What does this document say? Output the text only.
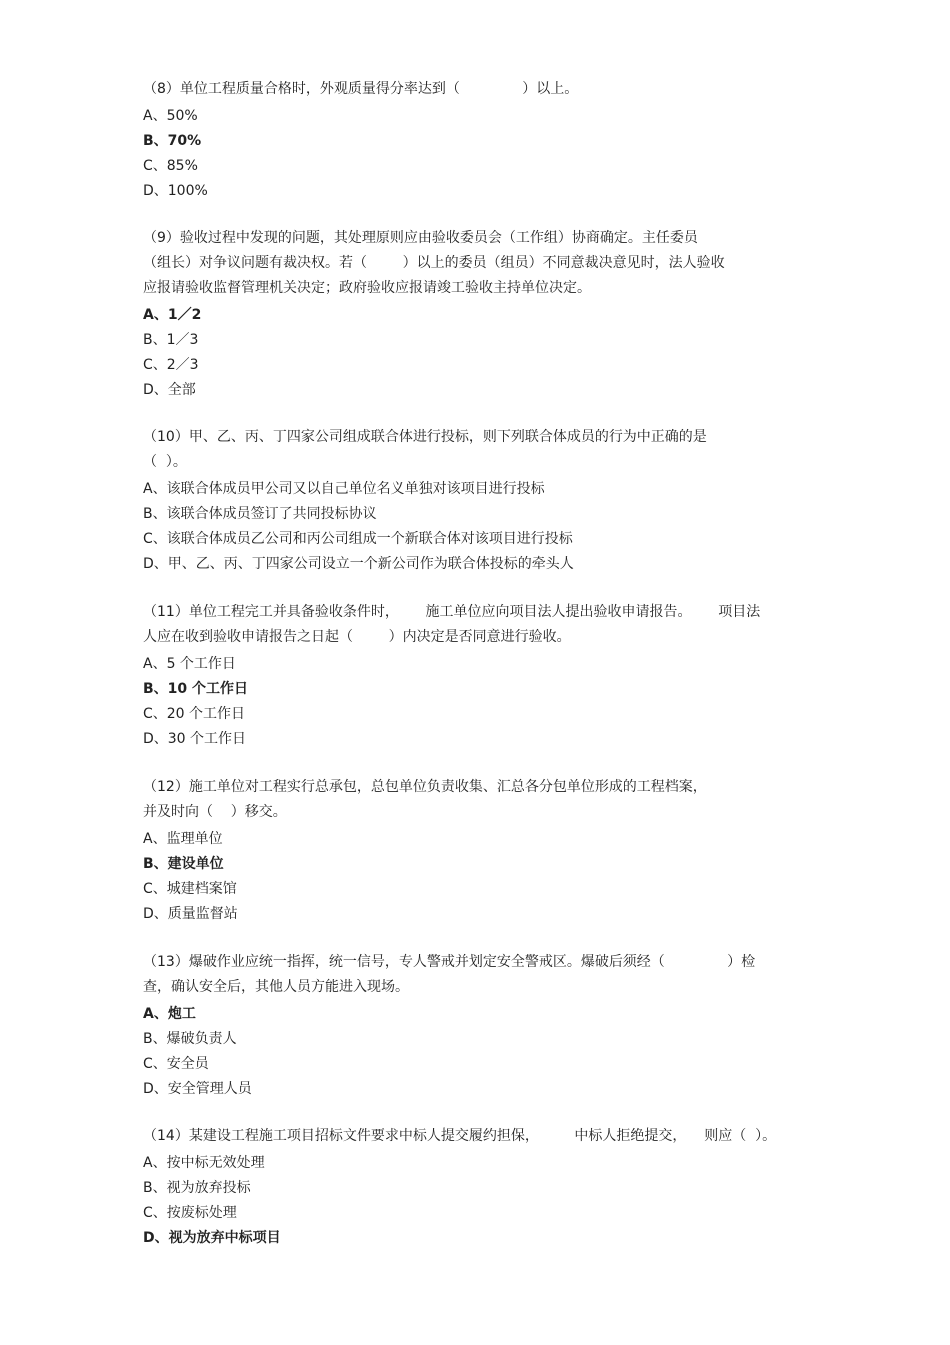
（8）单位工程质量合格时，外观质量得分率达到（              ）以上。
A、50%
B、70%
C、85%
D、100%
（9）验收过程中发现的问题，其处理原则应由验收委员会（工作组）协商确定。主任委员
（组长）对争议问题有裁决权。若（        ）以上的委员（组员）不同意裁决意见时，法人验收
应报请验收监督管理机关决定；政府验收应报请竣工验收主持单位决定。
A、1／2
B、1／3
C、2／3
D、全部
（10）甲、乙、丙、丁四家公司组成联合体进行投标，则下列联合体成员的行为中正确的是
（  ）。
A、该联合体成员甲公司又以自己单位名义单独对该项目进行投标
B、该联合体成员签订了共同投标协议
C、该联合体成员乙公司和丙公司组成一个新联合体对该项目进行投标
D、甲、乙、丙、丁四家公司设立一个新公司作为联合体投标的牵头人
（11）单位工程完工并具备验收条件时，      施工单位应向项目法人提出验收申请报告。      项目法
人应在收到验收申请报告之日起（        ）内决定是否同意进行验收。
A、5 个工作日
B、10 个工作日
C、20 个工作日
D、30 个工作日
（12）施工单位对工程实行总承包，总包单位负责收集、汇总各分包单位形成的工程档案，
并及时向（    ）移交。
A、监理单位
B、建设单位
C、城建档案馆
D、质量监督站
（13）爆破作业应统一指挥，统一信号，专人警戒并划定安全警戒区。爆破后须经（              ）检
查，确认安全后，其他人员方能进入现场。
A、炮工
B、爆破负责人
C、安全员
D、安全管理人员
（14）某建设工程施工项目招标文件要求中标人提交履约担保，        中标人拒绝提交，    则应（  ）。
A、按中标无效处理
B、视为放弃投标
C、按废标处理
D、视为放弃中标项目
